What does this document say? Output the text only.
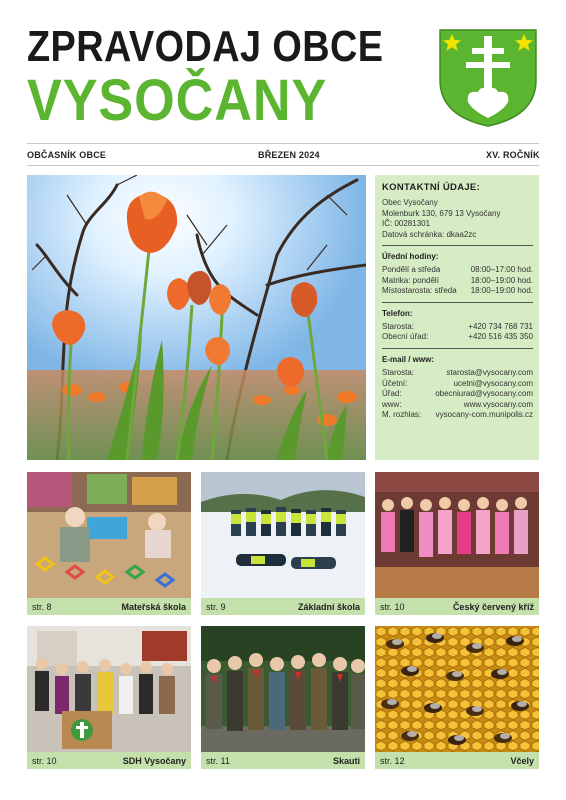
ZPRAVODAJ OBCE
VYSOČANY
OBČASNÍK OBCE	BŘEZEN 2024	XV. ROČNÍK
KONTAKTNÍ ÚDAJE:
Obec Vysočany
Molenburk 130, 679 13 Vysočany
IČ: 00281301
Datová schránka: dkaa2zc
Úřední hodiny:
Pondělí a středa	08:00–17:00 hod.
Matrika: pondělí	18:00–19:00 hod.
Místostarosta: středa 18:00–19:00 hod.
Telefon:
Starosta:	+420 734 768 731
Obecní úřad:	+420 516 435 350
E-mail / www:
Starosta:	starosta@vysocany.com
Účetní:	ucetni@vysocany.com
Úřad:	obecniurad@vysocany.com
www:	www.vysocany.com
M. rozhlas: vysocany-com.munipolis.cz
str. 8	Mateřská škola str. 9	Základní škola str. 10	Český červený kříž
str. 10	SDH Vysočany str. 11	Skauti str. 12	Včely
